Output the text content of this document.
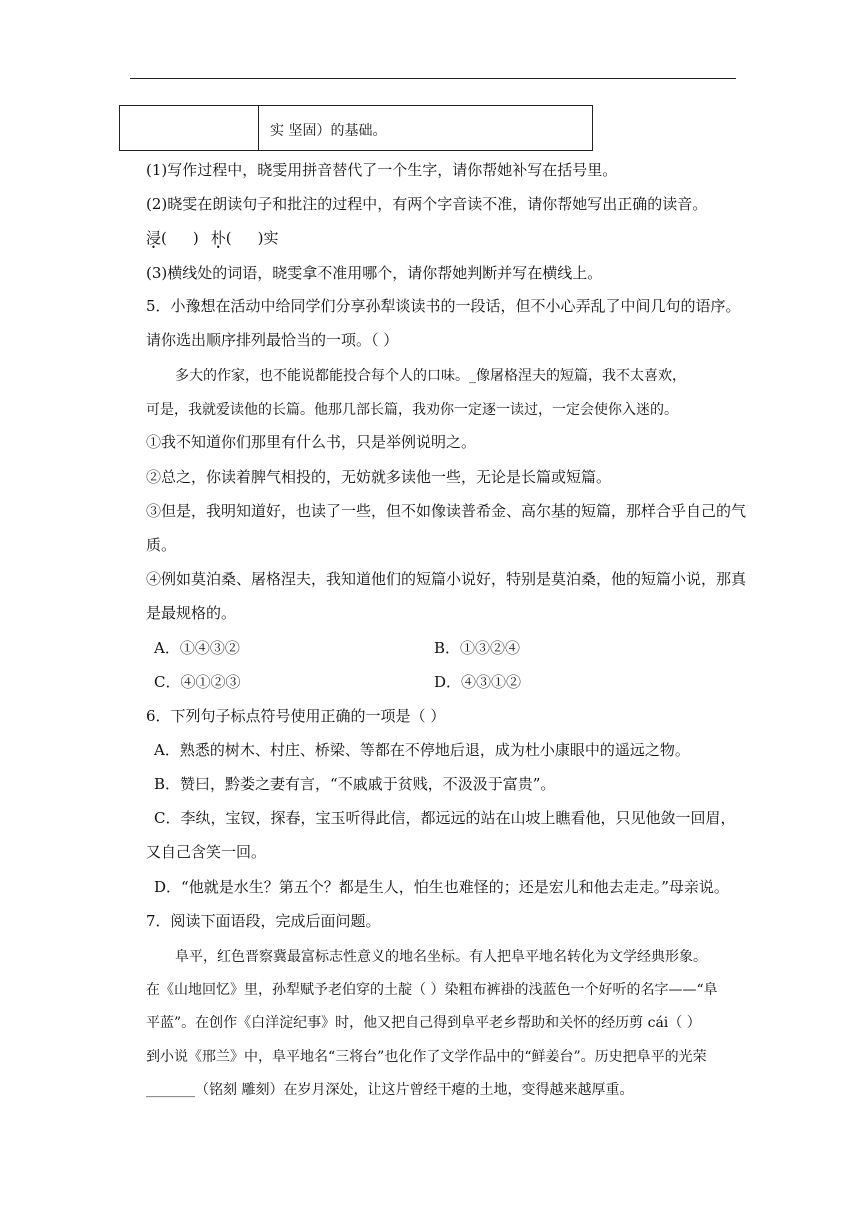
实 坚固）的基础。
(1)写作过程中，晓雯用拼音替代了一个生字，请你帮她补写在括号里。
(2)晓雯在朗读句子和批注的过程中，有两个字音读不准，请你帮她写出正确的读音。
浸( ) 朴( )实
(3)横线处的词语，晓雯拿不准用哪个，请你帮她判断并写在横线上。
5．小豫想在活动中给同学们分享孙犁谈读书的一段话，但不小心弄乱了中间几句的语序。
请你选出顺序排列最恰当的一项。（ ）
多大的作家，也不能说都能投合每个人的口味。_像屠格涅夫的短篇，我不太喜欢，
可是，我就爱读他的长篇。他那几部长篇，我劝你一定逐一读过，一定会使你入迷的。
①我不知道你们那里有什么书，只是举例说明之。
②总之，你读着脾气相投的，无妨就多读他一些，无论是长篇或短篇。
③但是，我明知道好，也读了一些，但不如像读普希金、高尔基的短篇，那样合乎自己的气
质。
④例如莫泊桑、屠格涅夫，我知道他们的短篇小说好，特别是莫泊桑，他的短篇小说，那真
是最规格的。
A．①④③②	B．①③②④
C．④①②③	D．④③①②
6．下列句子标点符号使用正确的一项是（ ）
A．熟悉的树木、村庄、桥梁、等都在不停地后退，成为杜小康眼中的遥远之物。
B．赞曰，黔娄之妻有言，“不戚戚于贫贱，不汲汲于富贵”。
C．李纨，宝钗，探春，宝玉听得此信，都远远的站在山坡上瞧看他，只见他敛一回眉，
又自己含笑一回。
D．“他就是水生？第五个？都是生人，怕生也难怪的；还是宏儿和他去走走。”母亲说。
7．阅读下面语段，完成后面问题。
阜平，红色晋察冀最富标志性意义的地名坐标。有人把阜平地名转化为文学经典形象。
在《山地回忆》里，孙犁赋予老伯穿的土靛（ ）染粗布裤褂的浅蓝色一个好听的名字——“阜
平蓝”。在创作《白洋淀纪事》时，他又把自己得到阜平老乡帮助和关怀的经历剪 cái（ ）
到小说《邢兰》中，阜平地名“三将台”也化作了文学作品中的“鲜姜台”。历史把阜平的光荣
_______（铭刻 雕刻）在岁月深处，让这片曾经干瘪的土地，变得越来越厚重。
